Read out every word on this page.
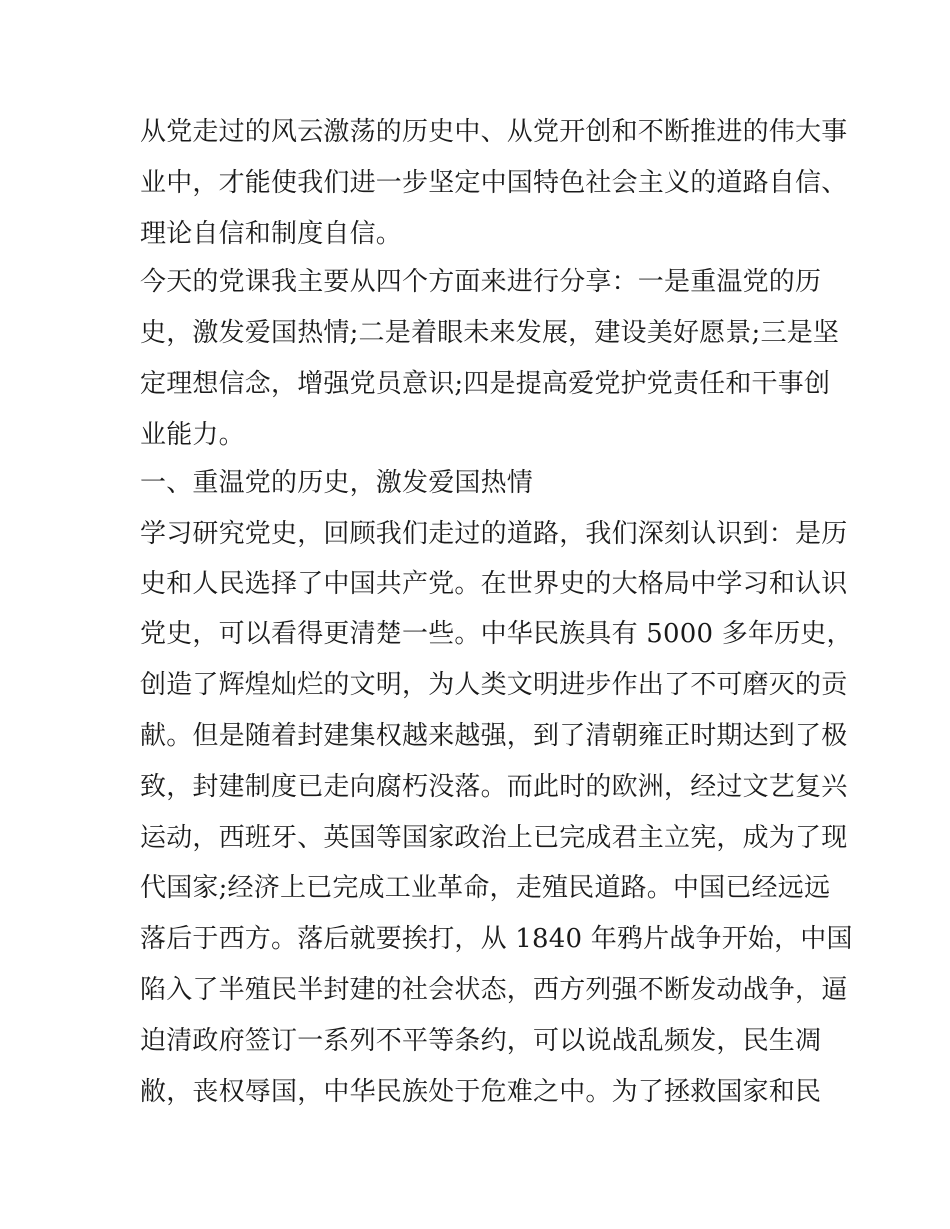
从党走过的风云激荡的历史中、从党开创和不断推进的伟大事
业中，才能使我们进一步坚定中国特色社会主义的道路自信、
理论自信和制度自信。
今天的党课我主要从四个方面来进行分享：一是重温党的历
史，激发爱国热情;二是着眼未来发展，建设美好愿景;三是坚
定理想信念，增强党员意识;四是提高爱党护党责任和干事创
业能力。
一、重温党的历史，激发爱国热情
学习研究党史，回顾我们走过的道路，我们深刻认识到：是历
史和人民选择了中国共产党。在世界史的大格局中学习和认识
党史，可以看得更清楚一些。中华民族具有 5000 多年历史，
创造了辉煌灿烂的文明，为人类文明进步作出了不可磨灭的贡
献。但是随着封建集权越来越强，到了清朝雍正时期达到了极
致，封建制度已走向腐朽没落。而此时的欧洲，经过文艺复兴
运动，西班牙、英国等国家政治上已完成君主立宪，成为了现
代国家;经济上已完成工业革命，走殖民道路。中国已经远远
落后于西方。落后就要挨打，从 1840 年鸦片战争开始，中国
陷入了半殖民半封建的社会状态，西方列强不断发动战争，逼
迫清政府签订一系列不平等条约，可以说战乱频发，民生凋
敝，丧权辱国，中华民族处于危难之中。为了拯救国家和民
